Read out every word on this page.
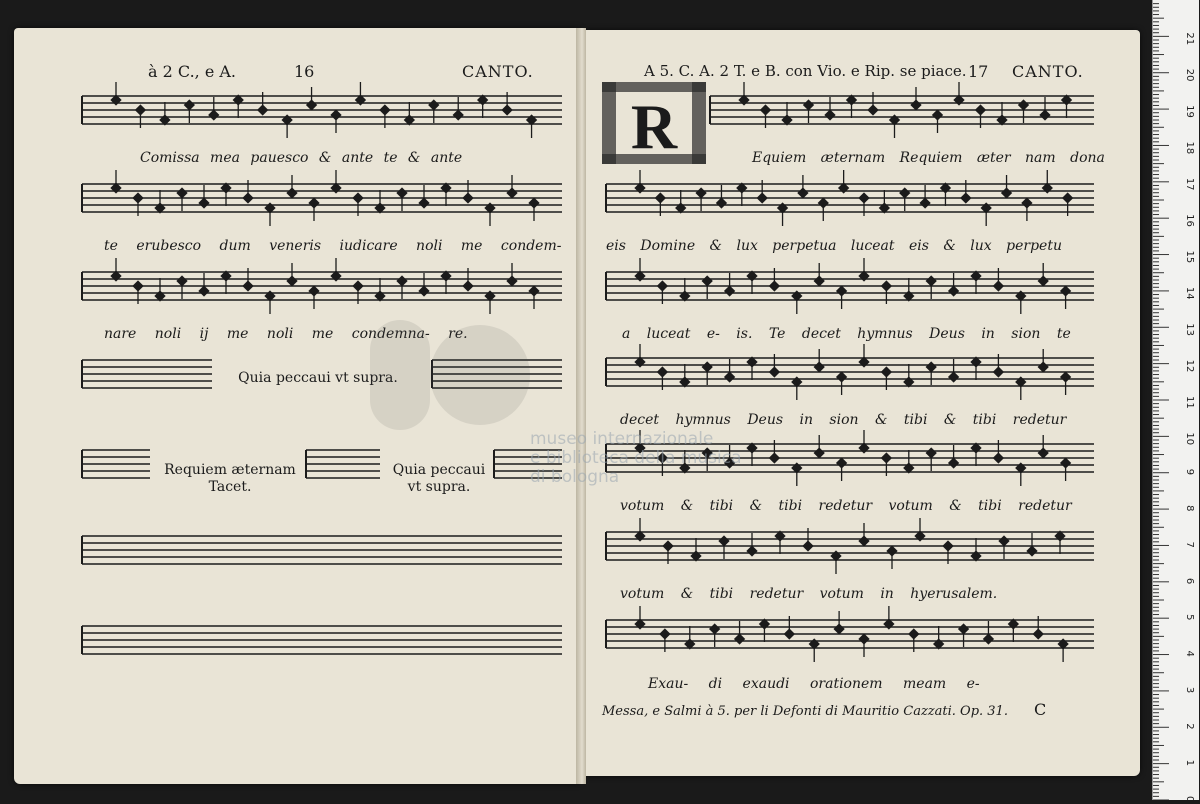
à 2 C., e A.	16	CANTO.	A 5. C. A. 2 T. e B. con Vio. e Rip. se piace. 17 CANTO.
R
Comissa mea pauesco & ante te & ante
te erubesco dum veneris iudicare noli me condem-
nare noli ij me noli me condemna- re.
Quia peccaui vt supra.
Requiem æternam
Tacet.
Quia peccaui
vt supra.
Equiem æternam Requiem æter nam dona
eis Domine & lux perpetua luceat eis & lux perpetu
a luceat e- is. Te decet hymnus Deus in sion te
decet hymnus Deus in sion & tibi & tibi redetur
votum & tibi & tibi redetur votum & tibi redetur
votum & tibi redetur votum in hyerusalem.
Exau- di exaudi orationem meam e-
Messa, e Salmi à 5. per li Defonti di Mauritio Cazzati. Op. 31. C
museo internazionale
e biblioteca della musica
di bologna
0
1
2
3
4
5
6
7
8
9
10
11
12
13
14
15
16
17
18
19
20
21
